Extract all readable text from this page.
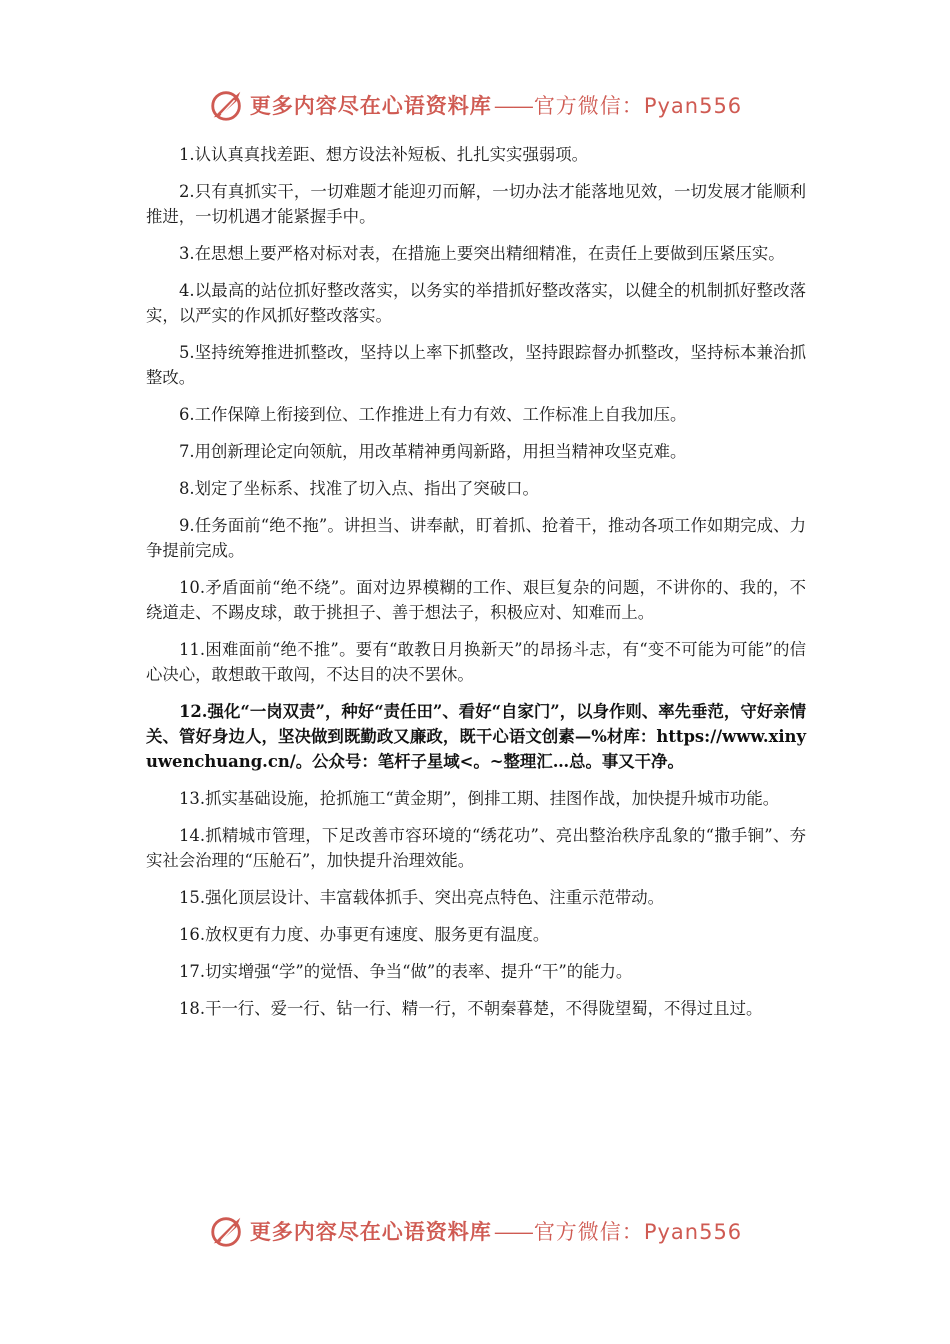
更多内容尽在心语资料库——官方微信：Pyan556

1.认认真真找差距、想方设法补短板、扎扎实实强弱项。

2.只有真抓实干，一切难题才能迎刃而解，一切办法才能落地见效，一切发展才能顺利推进，一切机遇才能紧握手中。

3.在思想上要严格对标对表，在措施上要突出精细精准，在责任上要做到压紧压实。

4.以最高的站位抓好整改落实，以务实的举措抓好整改落实，以健全的机制抓好整改落实，以严实的作风抓好整改落实。

5.坚持统筹推进抓整改，坚持以上率下抓整改，坚持跟踪督办抓整改，坚持标本兼治抓整改。

6.工作保障上衔接到位、工作推进上有力有效、工作标准上自我加压。

7.用创新理论定向领航，用改革精神勇闯新路，用担当精神攻坚克难。

8.划定了坐标系、找准了切入点、指出了突破口。

9.任务面前“绝不拖”。讲担当、讲奉献，盯着抓、抢着干，推动各项工作如期完成、力争提前完成。

10.矛盾面前“绝不绕”。面对边界模糊的工作、艰巨复杂的问题，不讲你的、我的，不绕道走、不踢皮球，敢于挑担子、善于想法子，积极应对、知难而上。

11.困难面前“绝不推”。要有“敢教日月换新天”的昂扬斗志，有“变不可能为可能”的信心决心，敢想敢干敢闯，不达目的决不罢休。

12.强化“一岗双责”，种好“责任田”、看好“自家门”，以身作则、率先垂范，守好亲情关、管好身边人，坚决做到既勤政又廉政，既干心语文创素—%材库：https://www.xinyuwenchuang.cn/。公众号：笔杆子星域<。~整理汇…总。事又干净。

13.抓实基础设施，抢抓施工“黄金期”，倒排工期、挂图作战，加快提升城市功能。

14.抓精城市管理，下足改善市容环境的“绣花功”、亮出整治秩序乱象的“撒手锏”、夯实社会治理的“压舱石”，加快提升治理效能。

15.强化顶层设计、丰富载体抓手、突出亮点特色、注重示范带动。

16.放权更有力度、办事更有速度、服务更有温度。

17.切实增强“学”的觉悟、争当“做”的表率、提升“干”的能力。

18.干一行、爱一行、钻一行、精一行，不朝秦暮楚，不得陇望蜀，不得过且过。

更多内容尽在心语资料库——官方微信：Pyan556
